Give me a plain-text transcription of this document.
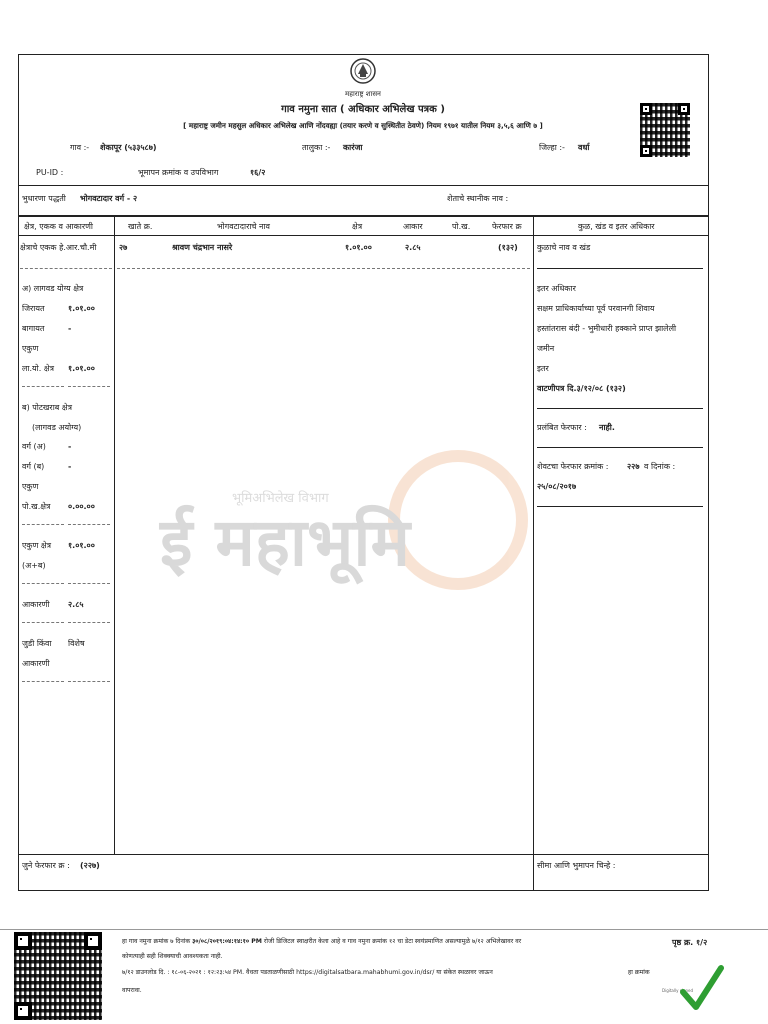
महाराष्ट्र शासन
गाव नमुना सात ( अधिकार अभिलेख पत्रक )
[ महाराष्ट्र जमीन महसुल अधिकार अभिलेख आणि नोंदवह्या (तयार करणे व सुस्थितीत ठेवणे) नियम १९७१ यातील नियम ३,५,६ आणि ७ ]
गाव :- शेकापूर (५३३५८७)	तालुका :- कारंजा	जिल्हा :- वर्धा
PU-ID :	भूमापन क्रमांक व उपविभाग	१६/२
भुधारणा पद्धती भोगवटादार वर्ग - २	शेताचे स्थानीक नाव :
क्षेत्र, एकक व आकारणी	खाते क्र.	भोगवटादाराचे नाव	क्षेत्र	आकार	पो.ख.	फेरफार क्र	कुळ, खंड व इतर अधिकार
क्षेत्राचे एकक हे.आर.चौ.मी	२७	श्रावण चंद्रभान नासरे	१.०१.००	२.८५	(१३२) कुळाचे नाव व खंड
अ) लागवड योग्य क्षेत्र
जिरायत	१.०१.००
बागायत	-
एकुण
ला.यो. क्षेत्र १.०१.००
ब) पोटखराब क्षेत्र
(लागवड अयोग्य)
वर्ग (अ)	-
वर्ग (ब)	-
एकुण
पो.ख.क्षेत्र ०.००.००
एकुण क्षेत्र १.०१.००
(अ+ब)
आकारणी २.८५
जुडी किंवा विशेष
आकारणी
इतर अधिकार
सक्षम प्राधिकार्याच्या पूर्व परवानगी शिवाय
हस्तांतरास बंदी - भुमीधारी हक्काने प्राप्त झालेली
जमीन
इतर
वाटणीपत्र दि.३/१२/०८ (१३२)
प्रलंबित फेरफार : नाही.
शेवटचा फेरफार क्रमांक : २२७ व दिनांक :
२५/०८/२०१७
जुने फेरफार क्र : (२२७)	सीमा आणि भुमापन चिन्हे :
भूमिअभिलेख विभाग
ई महाभूमि
हा गाव नमुना क्रमांक ७ दिनांक ३०/०८/२०१९:०४:१४:१० PM रोजी डिजिटल स्वाक्षरीत केला आहे व गाव नमुना क्रमांक १२ चा डेटा स्वयंप्रमाणित असल्यामुळे ७/१२ अभिलेखावर वर
कोणत्याही सही शिक्क्याची आवश्यकता नाही.
७/१२ डाउनलोड दि. : १८-०६-२०२१ : १२:२३:५४ PM. वैधता पडताळणीसाठी https://digitalsatbara.mahabhumi.gov.in/dsr/ या संकेत स्थळावर जाऊन	हा क्रमांक
वापरावा.
पृष्ठ क्र. १/२
Digitally signed
